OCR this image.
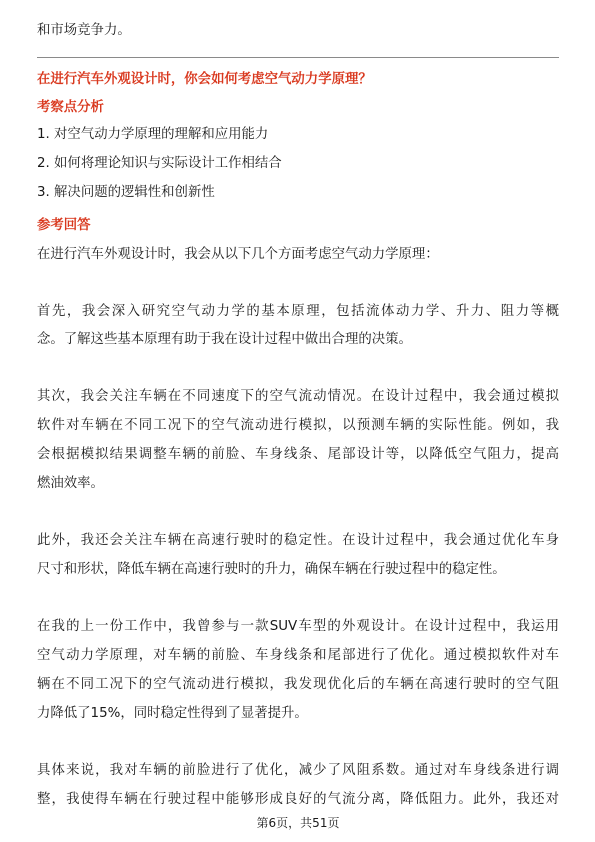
和市场竞争力。
在进行汽车外观设计时，你会如何考虑空气动力学原理？
考察点分析
1. 对空气动力学原理的理解和应用能力
2. 如何将理论知识与实际设计工作相结合
3. 解决问题的逻辑性和创新性
参考回答
在进行汽车外观设计时，我会从以下几个方面考虑空气动力学原理：
首先，我会深入研究空气动力学的基本原理，包括流体动力学、升力、阻力等概
念。了解这些基本原理有助于我在设计过程中做出合理的决策。
其次，我会关注车辆在不同速度下的空气流动情况。在设计过程中，我会通过模拟
软件对车辆在不同工况下的空气流动进行模拟，以预测车辆的实际性能。例如，我
会根据模拟结果调整车辆的前脸、车身线条、尾部设计等，以降低空气阻力，提高
燃油效率。
此外，我还会关注车辆在高速行驶时的稳定性。在设计过程中，我会通过优化车身
尺寸和形状，降低车辆在高速行驶时的升力，确保车辆在行驶过程中的稳定性。
在我的上一份工作中，我曾参与一款SUV车型的外观设计。在设计过程中，我运用
空气动力学原理，对车辆的前脸、车身线条和尾部进行了优化。通过模拟软件对车
辆在不同工况下的空气流动进行模拟，我发现优化后的车辆在高速行驶时的空气阻
力降低了15%，同时稳定性得到了显著提升。
具体来说，我对车辆的前脸进行了优化，减少了风阻系数。通过对车身线条进行调
整，我使得车辆在行驶过程中能够形成良好的气流分离，降低阻力。此外，我还对
第6页，共51页
